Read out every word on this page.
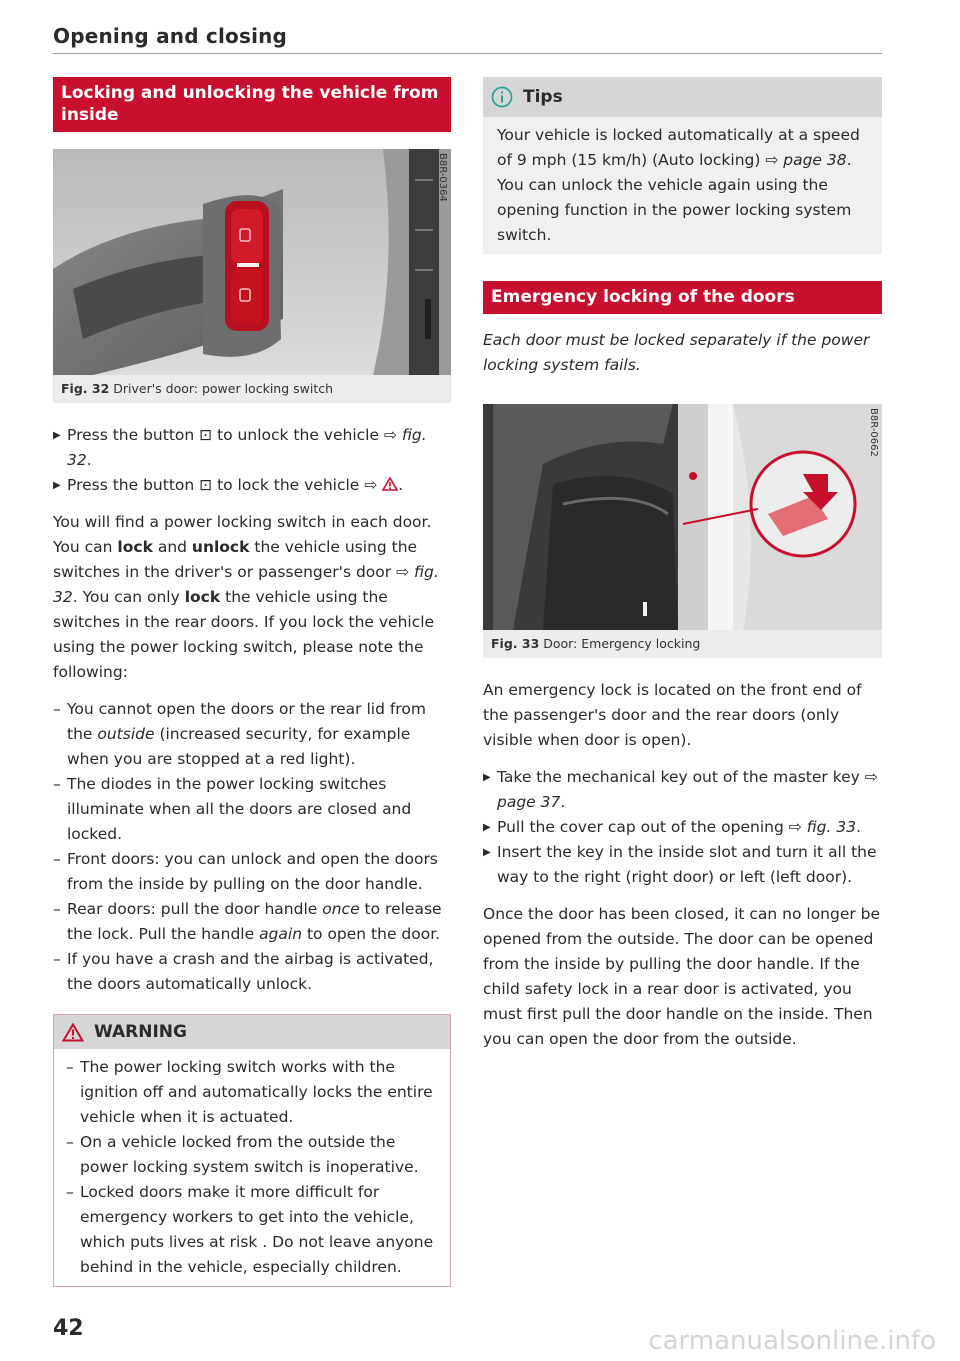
Opening and closing
Locking and unlocking the vehicle from inside
B8R-0364
Fig. 32 Driver's door: power locking switch
▶ Press the button ⊡ to unlock the vehicle ⇨ fig. 32.
▶ Press the button ⊡ to lock the vehicle ⇨ .

You will find a power locking switch in each door. You can lock and unlock the vehicle using the switches in the driver's or passenger's door ⇨ fig. 32. You can only lock the vehicle using the switches in the rear doors. If you lock the vehicle using the power locking switch, please note the following:

– You cannot open the doors or the rear lid from the outside (increased security, for example when you are stopped at a red light).
– The diodes in the power locking switches illuminate when all the doors are closed and locked.
– Front doors: you can unlock and open the doors from the inside by pulling on the door handle.
– Rear doors: pull the door handle once to release the lock. Pull the handle again to open the door.
– If you have a crash and the airbag is activated, the doors automatically unlock.
WARNING
– The power locking switch works with the ignition off and automatically locks the entire vehicle when it is actuated.
– On a vehicle locked from the outside the power locking system switch is inoperative.
– Locked doors make it more difficult for emergency workers to get into the vehicle, which puts lives at risk . Do not leave anyone behind in the vehicle, especially children.
Tips

Your vehicle is locked automatically at a speed of 9 mph (15 km/h) (Auto locking) ⇨ page 38. You can unlock the vehicle again using the opening function in the power locking system switch.

Emergency locking of the doors

Each door must be locked separately if the power locking system fails.

B8R-0662
Fig. 33 Door: Emergency locking

An emergency lock is located on the front end of the passenger's door and the rear doors (only visible when door is open).

▶ Take the mechanical key out of the master key ⇨ page 37.
▶ Pull the cover cap out of the opening ⇨ fig. 33.
▶ Insert the key in the inside slot and turn it all the way to the right (right door) or left (left door).

Once the door has been closed, it can no longer be opened from the outside. The door can be opened from the inside by pulling the door handle. If the child safety lock in a rear door is activated, you must first pull the door handle on the inside. Then you can open the door from the outside.

42	carmanualsonline.info
